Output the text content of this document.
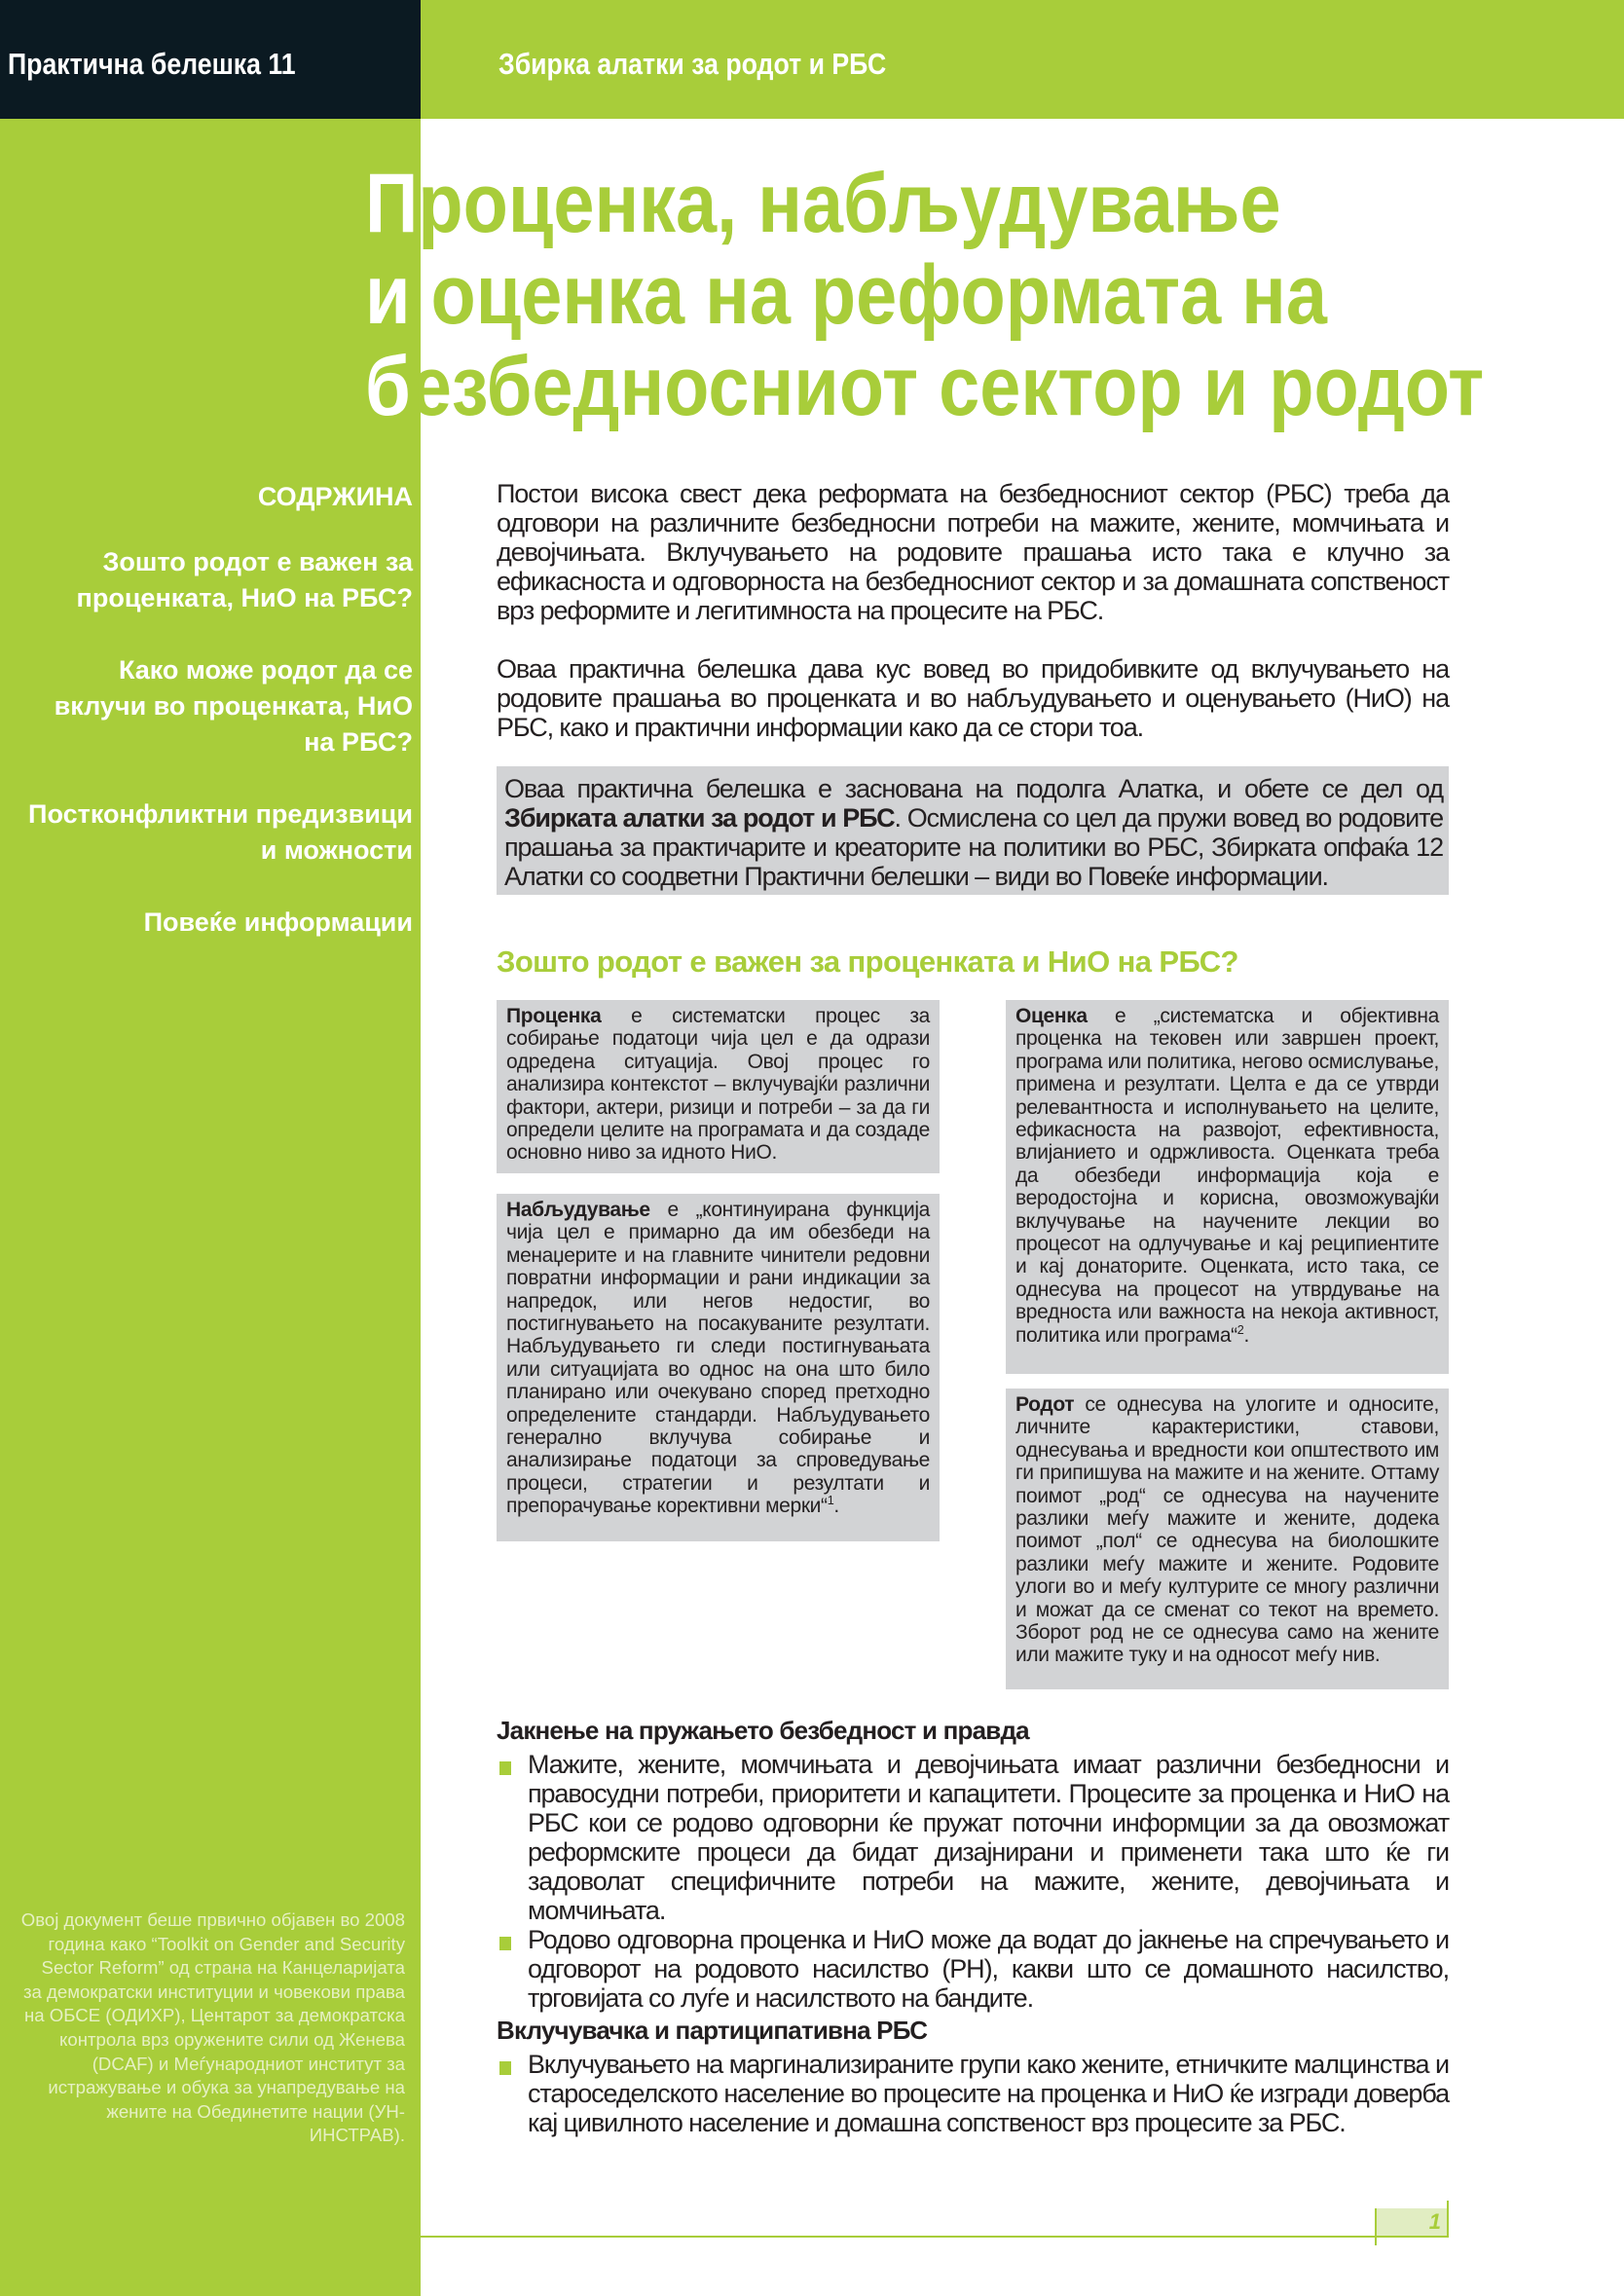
Практична белешка 11	Збирка алатки за родот и РБС
Проценка, набљудување
и оценка на реформата на
безбедносниот сектор и родот
СОДРЖИНА
Зошто родот е важен за проценката, НиО на РБС?
Како може родот да се вклучи во проценката, НиО на РБС?
Постконфликтни предизвици и можности
Повеќе информации
Овој документ беше првично објавен во 2008 година како “Toolkit on Gender and Security Sector Reform” од страна на Канцеларијата за демократски институции и човекови права на ОБСЕ (ОДИХР), Центарот за демократска контрола врз оружените сили од Женева (DCAF) и Меѓународниот институт за истражување и обука за унапредување на жените на Обединетите нации (УН-ИНСТРАВ).

Постои висока свест дека реформата на безбедносниот сектор (РБС) треба да одговори на различните безбедносни потреби на мажите, жените, момчињата и девојчињата. Вклучувањето на родовите прашања исто така е клучно за ефикасноста и одговорноста на безбедносниот сектор и за домашната сопственост врз реформите и легитимноста на процесите на РБС.

Оваа практична белешка дава кус вовед во придобивките од вклучувањето на родовите прашања во проценката и во набљудувањето и оценувањето (НиО) на РБС, како и практични информации како да се стори тоа.

Оваа практична белешка е заснована на подолга Алатка, и обете се дел од Збирката алатки за родот и РБС. Осмислена со цел да пружи вовед во родовите прашања за практичарите и креаторите на политики во РБС, Збирката опфаќа 12 Алатки со соодветни Практични белешки – види во Повеќе информации.

Зошто родот е важен за проценката и НиО на РБС?
Проценка е систематски процес за собирање податоци чија цел е да одрази одредена ситуација. Овој процес го анализира контекстот – вклучувајќи различни фактори, актери, ризици и потреби – за да ги определи целите на програмата и да создаде основно ниво за идното НиО.
Набљудување е „континуирана функција чија цел е примарно да им обезбеди на менаџерите и на главните чинители редовни повратни информации и рани индикации за напредок, или негов недостиг, во постигнувањето на посакуваните резултати. Набљудувањето ги следи постигнувањата или ситуацијата во однос на она што било планирано или очекувано според претходно определените стандарди. Набљудувањето генерално вклучува собирање и анализирање податоци за спроведување процеси, стратегии и резултати и препорачување корективни мерки“$^1$.
Оценка е „систематска и објективна проценка на тековен или завршен проект, програма или политика, негово осмислување, примена и резултати. Целта е да се утврди релевантноста и исполнувањето на целите, ефикасноста на развојот, ефективноста, влијанието и одржливоста. Оценката треба да обезбеди информација која е веродостојна и корисна, овозможувајќи вклучување на научените лекции во процесот на одлучување и кај реципиентите и кај донаторите. Оценката, исто така, се однесува на процесот на утврдување на вредноста или важноста на некоја активност, политика или програма“$^2$.
Родот се однесува на улогите и односите, личните карактеристики, ставови, однесувања и вредности кои општеството им ги припишува на мажите и на жените. Оттаму поимот „род“ се однесува на научените разлики меѓу мажите и жените, додека поимот „пол“ се однесува на биолошките разлики меѓу мажите и жените. Родовите улоги во и меѓу културите се многу различни и можат да се сменат со текот на времето. Зборот род не се однесува само на жените или мажите туку и на односот меѓу нив.
Јакнење на пружањето безбедност и правда
Мажите, жените, момчињата и девојчињата имаат различни безбедносни и правосудни потреби, приоритети и капацитети. Процесите за проценка и НиО на РБС кои се родово одговорни ќе пружат поточни информции за да овозможат реформските процеси да бидат дизајнирани и применети така што ќе ги задоволат специфичните потреби на мажите, жените, девојчињата и момчињата.
Родово одговорна проценка и НиО може да водат до јакнење на спречувањето и одговорот на родовото насилство (РН), какви што се домашното насилство, трговијата со луѓе и насилството на бандите.
Вклучувачка и партиципативна РБС
Вклучувањето на маргинализираните групи како жените, етничките малцинства и староседелското население во процесите на проценка и НиО ќе изгради доверба кај цивилното население и домашна сопственост врз процесите за РБС.
1
